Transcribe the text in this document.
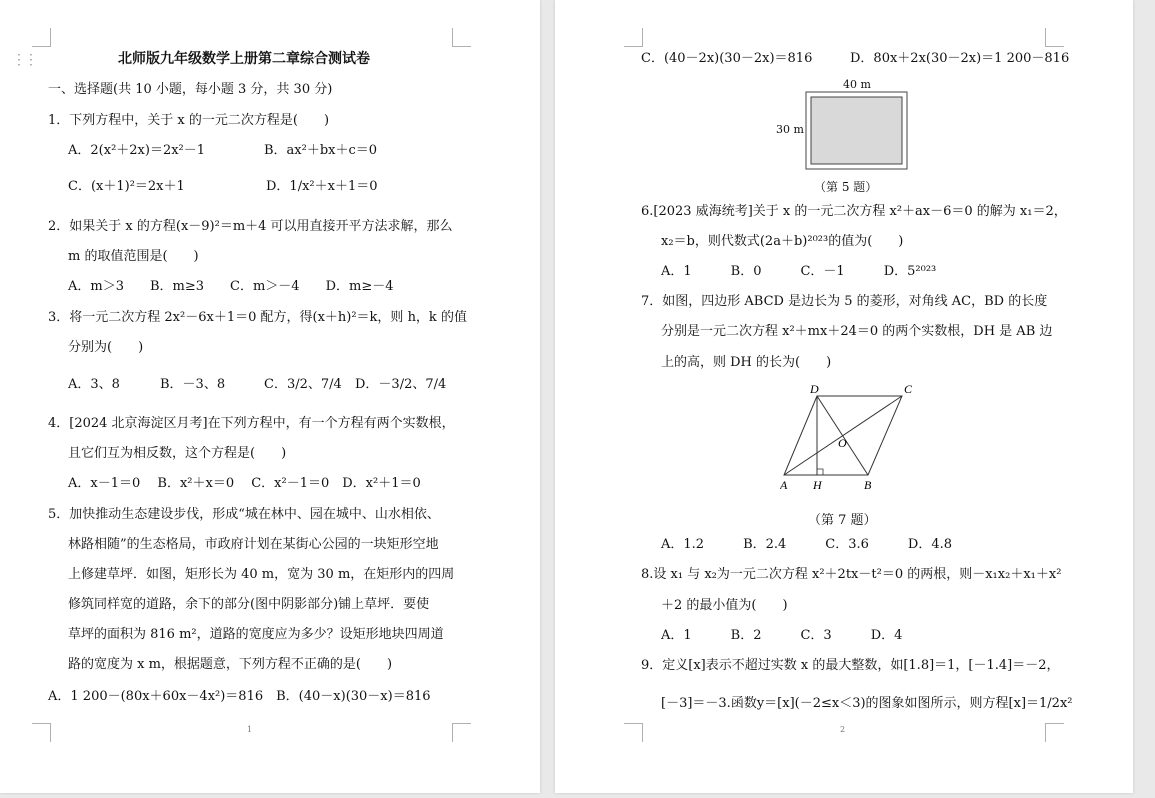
⋮⋮	北师版九年级数学上册第二章综合测试卷
一、选择题(共 10 小题，每小题 3 分，共 30 分)
1．下列方程中，关于 x 的一元二次方程是(　　)
A．2(x²＋2x)＝2x²－1	B．ax²＋bx＋c＝0
C．(x＋1)²＝2x＋1	D．1/x²＋x＋1＝0
2．如果关于 x 的方程(x－9)²＝m＋4 可以用直接开平方法求解，那么
m 的取值范围是(　　)
A．m＞3　　B．m≥3　　C．m＞－4　　D．m≥－4
3．将一元二次方程 2x²－6x＋1＝0 配方，得(x＋h)²＝k，则 h，k 的值
分别为(　　)
A．3、8	B．－3、8	C．3/2、7/4 D．－3/2、7/4
4．[2024 北京海淀区月考]在下列方程中，有一个方程有两个实数根，
且它们互为相反数，这个方程是(　　)
A．x－1＝0　 B．x²＋x＝0　 C．x²－1＝0　D．x²＋1＝0
5．加快推动生态建设步伐，形成“城在林中、园在城中、山水相依、
林路相随”的生态格局，市政府计划在某街心公园的一块矩形空地
上修建草坪．如图，矩形长为 40 m，宽为 30 m，在矩形内的四周
修筑同样宽的道路，余下的部分(图中阴影部分)铺上草坪．要使
草坪的面积为 816 m²，道路的宽度应为多少？设矩形地块四周道
路的宽度为 x m，根据题意，下列方程不正确的是(　　)
A．1 200－(80x＋60x－4x²)＝816　B．(40－x)(30－x)＝816
1
C．(40－2x)(30－2x)＝816	D．80x＋2x(30－2x)＝1 200－816
40 m
30 m
（第 5 题）
6.[2023 威海统考]关于 x 的一元二次方程 x²＋ax－6＝0 的解为 x₁＝2，
x₂＝b，则代数式(2a＋b)²⁰²³的值为(　　)
A．1　　　B．0　　　C．－1　　　D．5²⁰²³
7．如图，四边形 ABCD 是边长为 5 的菱形，对角线 AC，BD 的长度
分别是一元二次方程 x²＋mx＋24＝0 的两个实数根，DH 是 AB 边
上的高，则 DH 的长为(　　)
D	C
O
A H	B
（第 7 题）
A．1.2　　　B．2.4　　　C．3.6　　　D．4.8
8.设 x₁ 与 x₂为一元二次方程 x²＋2tx－t²＝0 的两根，则－x₁x₂＋x₁＋x²
＋2 的最小值为(　　)
A．1　　　B．2　　　C．3　　　D．4
9．定义[x]表示不超过实数 x 的最大整数，如[1.8]＝1，[－1.4]＝－2，
[－3]＝－3.函数y＝[x](－2≤x＜3)的图象如图所示，则方程[x]＝1/2x²
2
